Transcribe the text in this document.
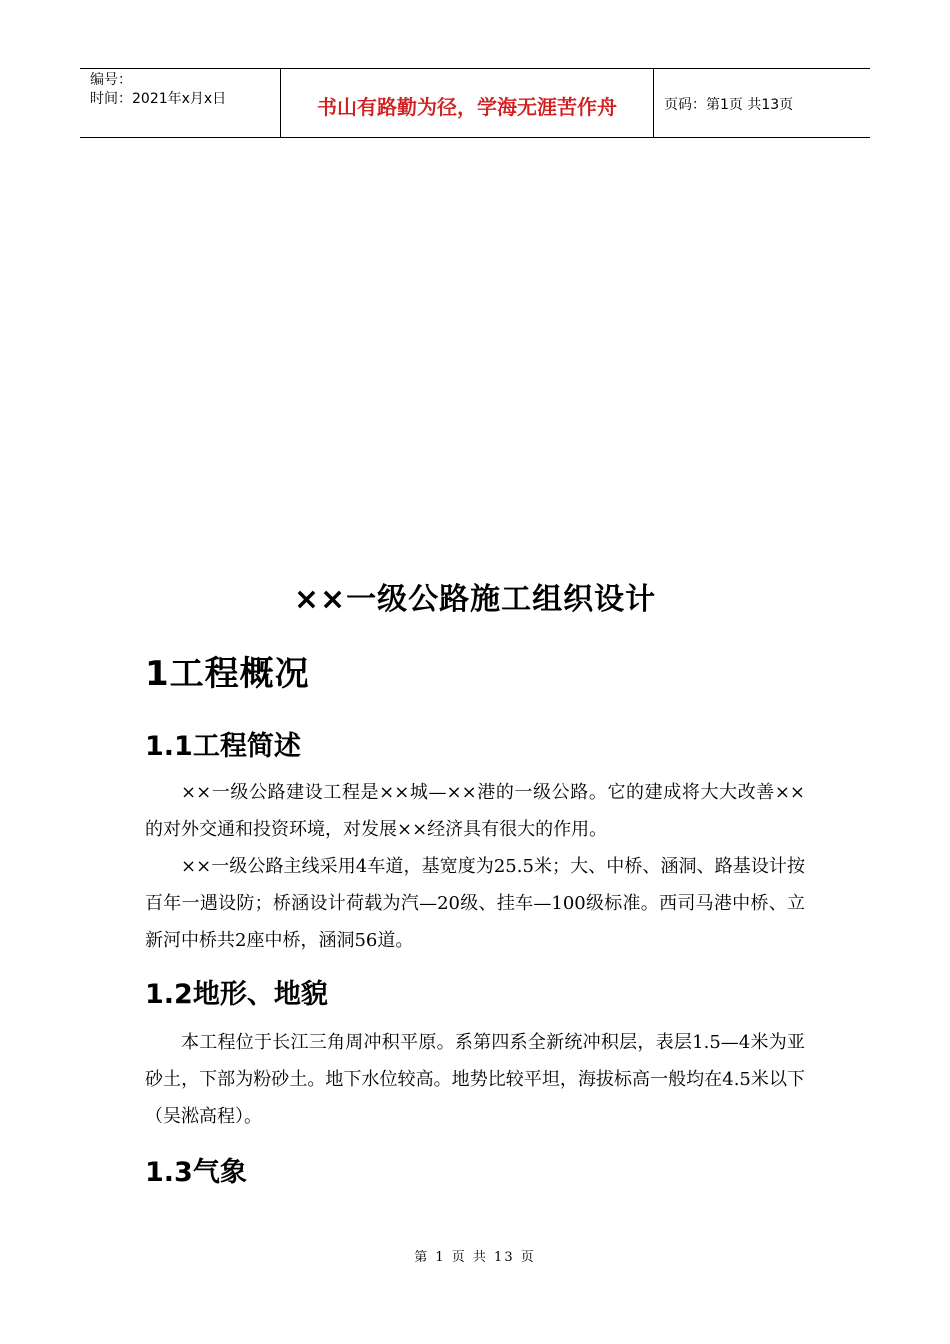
编号：
时间：2021年x月x日	书山有路勤为径，学海无涯苦作舟	页码：第1页 共13页
××一级公路施工组织设计
1工程概况
1.1工程简述
××一级公路建设工程是××城—××港的一级公路。它的建成将大大改善××的对外交通和投资环境，对发展××经济具有很大的作用。
××一级公路主线采用4车道，基宽度为25.5米；大、中桥、涵洞、路基设计按百年一遇设防；桥涵设计荷载为汽—20级、挂车—100级标准。西司马港中桥、立新河中桥共2座中桥，涵洞56道。
1.2地形、地貌
本工程位于长江三角周冲积平原。系第四系全新统冲积层，表层1.5—4米为亚砂土，下部为粉砂土。地下水位较高。地势比较平坦，海拔标高一般均在4.5米以下（吴淞高程）。
1.3气象
第 1 页 共 13 页
